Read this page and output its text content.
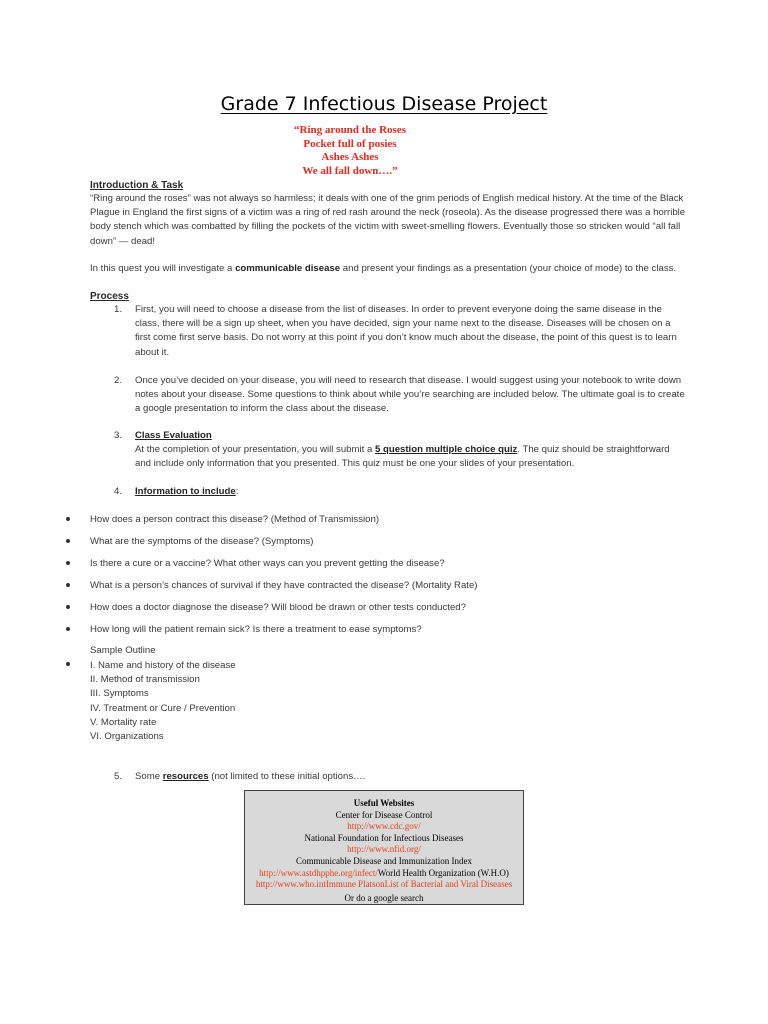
Grade 7 Infectious Disease Project
“Ring around the Roses
Pocket full of posies
Ashes Ashes
We all fall down….”
Introduction & Task
“Ring around the roses” was not always so harmless; it deals with one of the grim periods of English medical history. At the time of the Black
Plague in England the first signs of a victim was a ring of red rash around the neck (roseola). As the disease progressed there was a horrible
body stench which was combatted by filling the pockets of the victim with sweet-smelling flowers. Eventually those so stricken would “all fall
down” — dead!
In this quest you will investigate a communicable disease and present your findings as a presentation (your choice of mode) to the class.
Process
1. First, you will need to choose a disease from the list of diseases. In order to prevent everyone doing the same disease in the
class, there will be a sign up sheet, when you have decided, sign your name next to the disease. Diseases will be chosen on a
first come first serve basis. Do not worry at this point if you don’t know much about the disease, the point of this quest is to learn
about it.
2. Once you’ve decided on your disease, you will need to research that disease. I would suggest using your notebook to write down
notes about your disease. Some questions to think about while you’re searching are included below. The ultimate goal is to create
a google presentation to inform the class about the disease.
3. Class Evaluation
At the completion of your presentation, you will submit a 5 question multiple choice quiz. The quiz should be straightforward
and include only information that you presented. This quiz must be one your slides of your presentation.
4. Information to include:
How does a person contract this disease? (Method of Transmission)
What are the symptoms of the disease? (Symptoms)
Is there a cure or a vaccine? What other ways can you prevent getting the disease?
What is a person’s chances of survival if they have contracted the disease? (Mortality Rate)
How does a doctor diagnose the disease? Will blood be drawn or other tests conducted?
How long will the patient remain sick? Is there a treatment to ease symptoms?
Sample Outline
I. Name and history of the disease
II. Method of transmission
III. Symptoms
IV. Treatment or Cure / Prevention
V. Mortality rate
VI. Organizations
5. Some resources (not limited to these initial options….
Useful Websites
Center for Disease Control
http://www.cdc.gov/
National Foundation for Infectious Diseases
http://www.nfid.org/
Communicable Disease and Immunization Index
http://www.astdhpphe.org/infect/World Health Organization (W.H.O)
http://www.who.intImmune PlatsonList of Bacterial and Viral Diseases
Or do a google search
